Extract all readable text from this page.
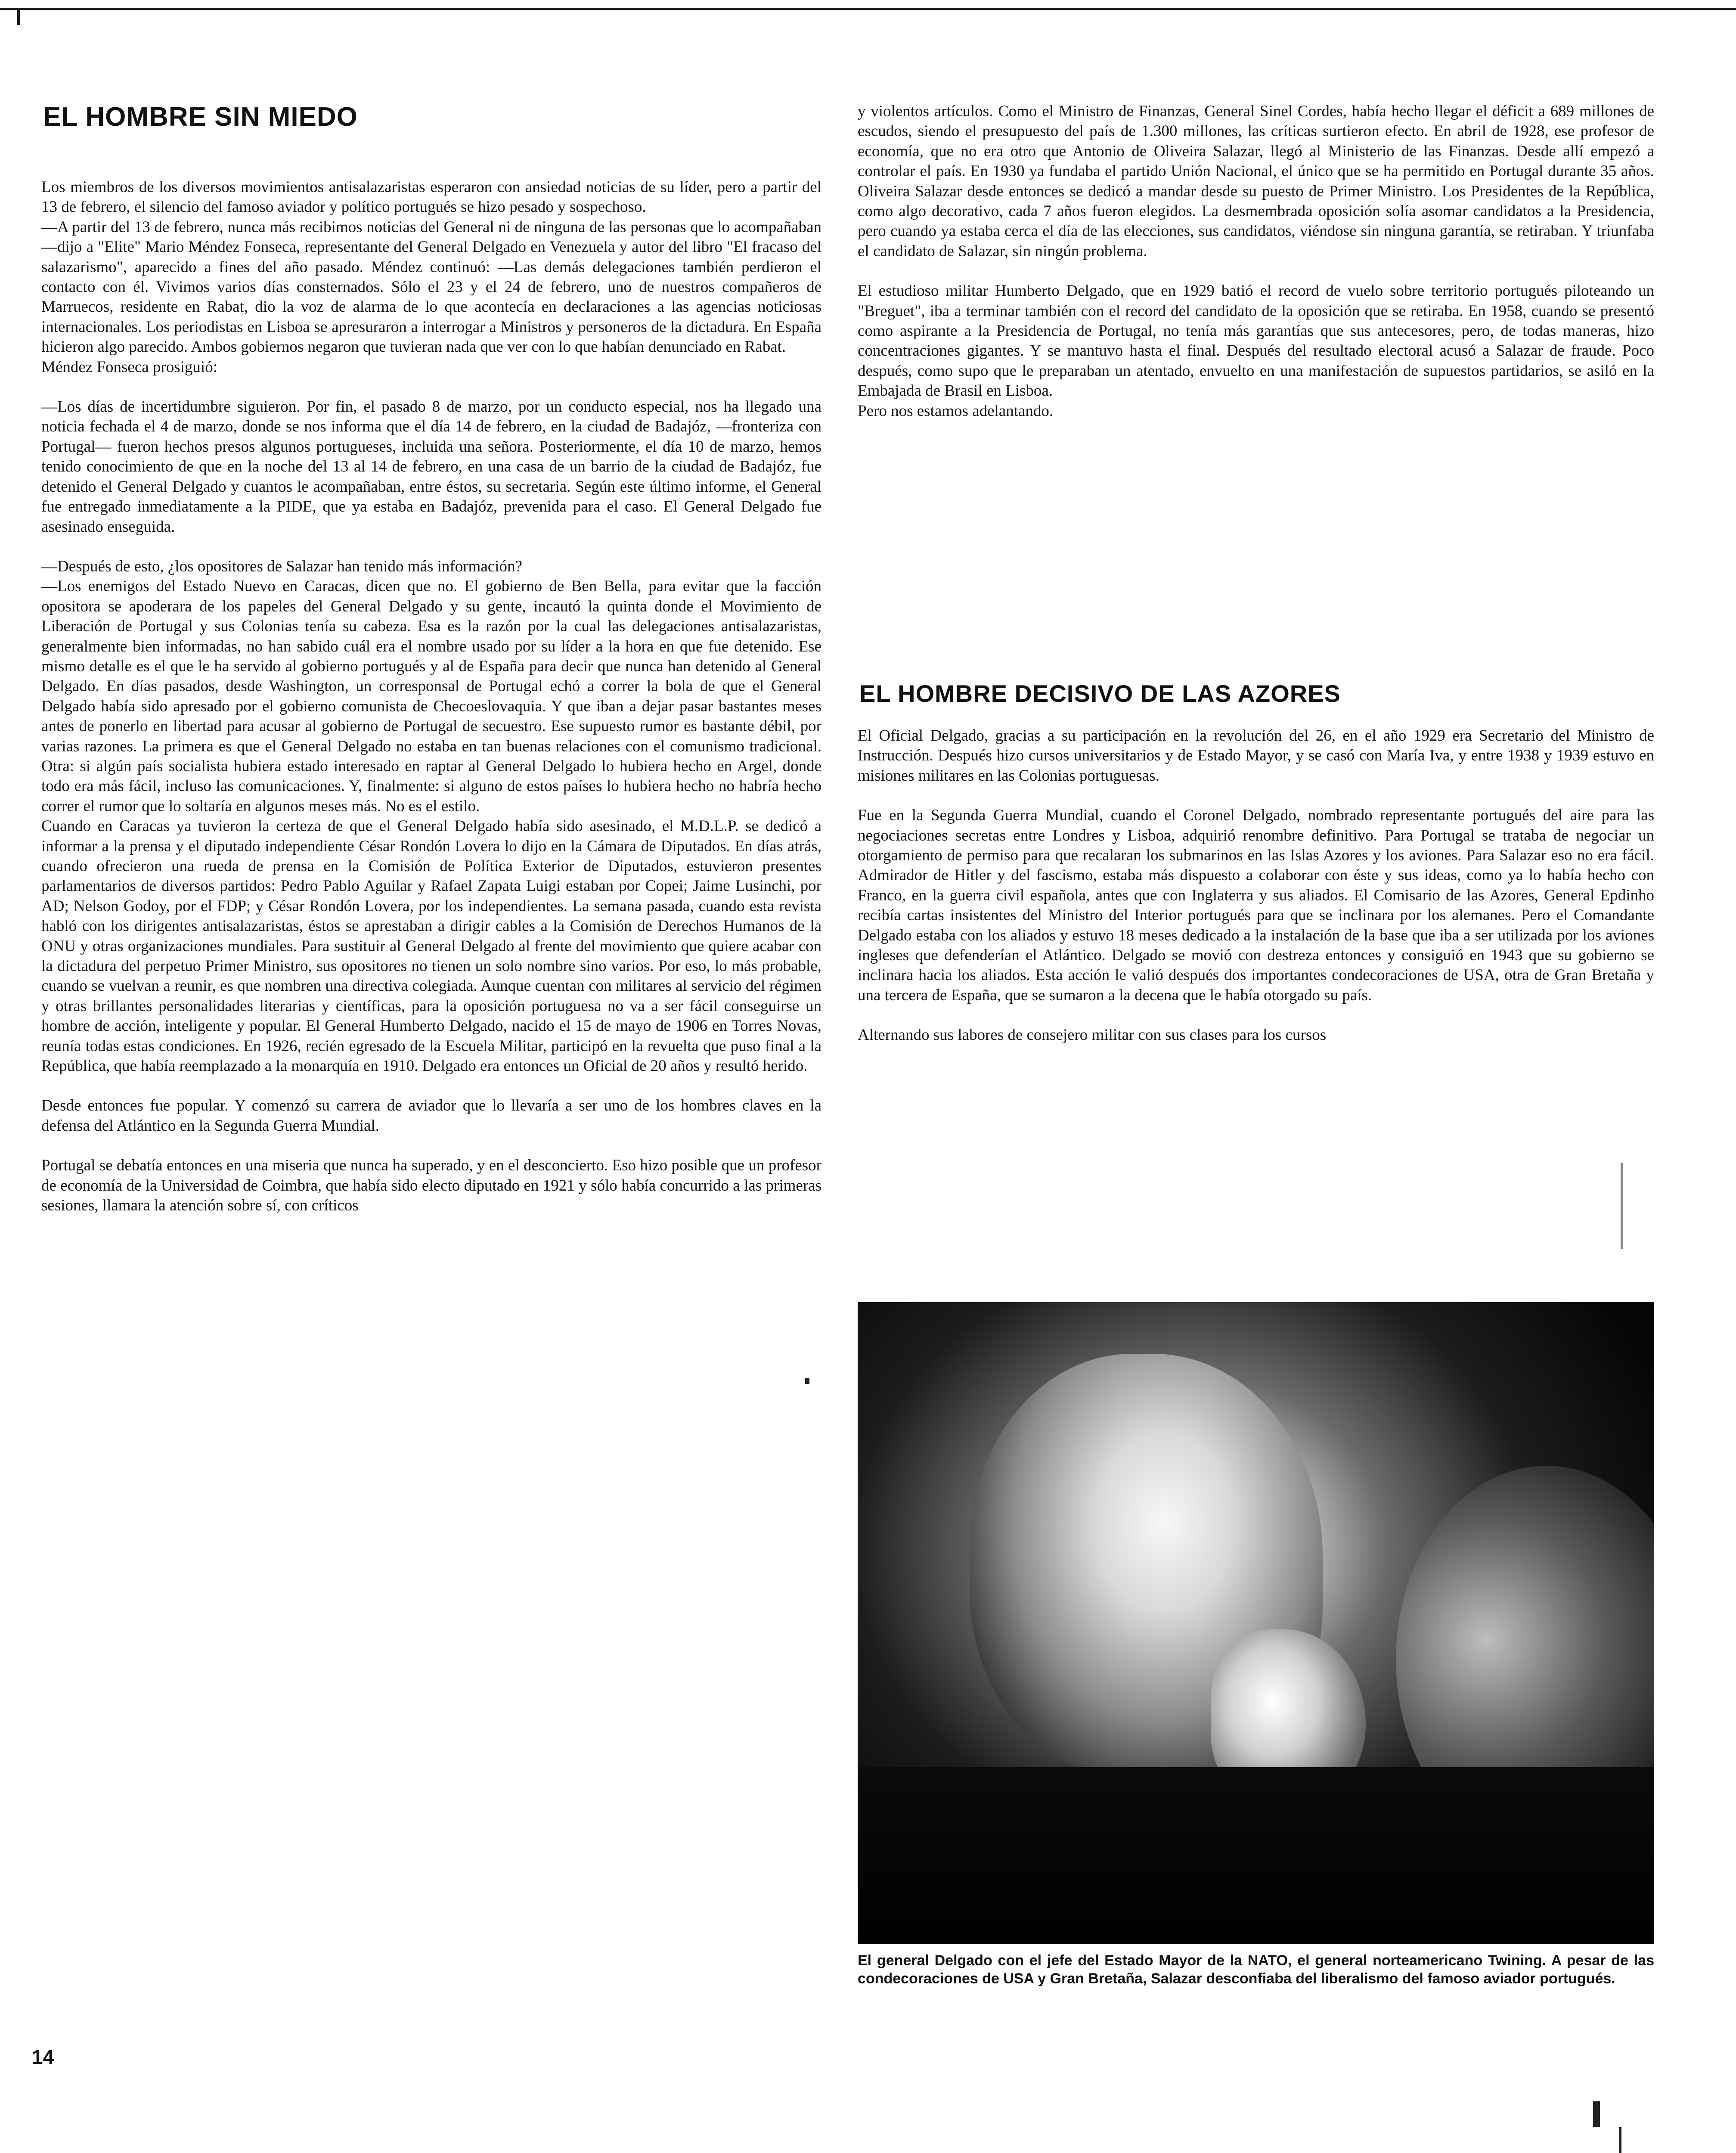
EL HOMBRE SIN MIEDO

Los miembros de los diversos movimientos antisalazaristas esperaron con ansiedad noticias de su líder, pero a partir del 13 de febrero, el silencio del famoso aviador y político portugués se hizo pesado y sospechoso.

—A partir del 13 de febrero, nunca más recibimos noticias del General ni de ninguna de las personas que lo acompañaban —dijo a "Elite" Mario Méndez Fonseca, representante del General Delgado en Venezuela y autor del libro "El fracaso del salazarismo", aparecido a fines del año pasado. Méndez continuó: —Las demás delegaciones también perdieron el contacto con él. Vivimos varios días consternados. Sólo el 23 y el 24 de febrero, uno de nuestros compañeros de Marruecos, residente en Rabat, dio la voz de alarma de lo que acontecía en declaraciones a las agencias noticiosas internacionales. Los periodistas en Lisboa se apresuraron a interrogar a Ministros y personeros de la dictadura. En España hicieron algo parecido. Ambos gobiernos negaron que tuvieran nada que ver con lo que habían denunciado en Rabat.

Méndez Fonseca prosiguió:

—Los días de incertidumbre siguieron. Por fin, el pasado 8 de marzo, por un conducto especial, nos ha llegado una noticia fechada el 4 de marzo, donde se nos informa que el día 14 de febrero, en la ciudad de Badajóz, —fronteriza con Portugal— fueron hechos presos algunos portugueses, incluida una señora. Posteriormente, el día 10 de marzo, hemos tenido conocimiento de que en la noche del 13 al 14 de febrero, en una casa de un barrio de la ciudad de Badajóz, fue detenido el General Delgado y cuantos le acompañaban, entre éstos, su secretaria. Según este último informe, el General fue entregado inmediatamente a la PIDE, que ya estaba en Badajóz, prevenida para el caso. El General Delgado fue asesinado enseguida.

—Después de esto, ¿los opositores de Salazar han tenido más información?

—Los enemigos del Estado Nuevo en Caracas, dicen que no. El gobierno de Ben Bella, para evitar que la facción opositora se apoderara de los papeles del General Delgado y su gente, incautó la quinta donde el Movimiento de Liberación de Portugal y sus Colonias tenía su cabeza. Esa es la razón por la cual las delegaciones antisalazaristas, generalmente bien informadas, no han sabido cuál era el nombre usado por su líder a la hora en que fue detenido. Ese mismo detalle es el que le ha servido al gobierno portugués y al de España para decir que nunca han detenido al General Delgado. En días pasados, desde Washington, un corresponsal de Portugal echó a correr la bola de que el General Delgado había sido apresado por el gobierno comunista de Checoeslovaquia. Y que iban a dejar pasar bastantes meses antes de ponerlo en libertad para acusar al gobierno de Portugal de secuestro. Ese supuesto rumor es bastante débil, por varias razones. La primera es que el General Delgado no estaba en tan buenas relaciones con el comunismo tradicional. Otra: si algún país socialista hubiera estado interesado en raptar al General Delgado lo hubiera hecho en Argel, donde todo era más fácil, incluso las comunicaciones. Y, finalmente: si alguno de estos países lo hubiera hecho no habría hecho correr el rumor que lo soltaría en algunos meses más. No es el estilo.

Cuando en Caracas ya tuvieron la certeza de que el General Delgado había sido asesinado, el M.D.L.P. se dedicó a informar a la prensa y el diputado independiente César Rondón Lovera lo dijo en la Cámara de Diputados. En días atrás, cuando ofrecieron una rueda de prensa en la Comisión de Política Exterior de Diputados, estuvieron presentes parlamentarios de diversos partidos: Pedro Pablo Aguilar y Rafael Zapata Luigi estaban por Copei; Jaime Lusinchi, por AD; Nelson Godoy, por el FDP; y César Rondón Lovera, por los independientes. La semana pasada, cuando esta revista habló con los dirigentes antisalazaristas, éstos se aprestaban a dirigir cables a la Comisión de Derechos Humanos de la ONU y otras organizaciones mundiales. Para sustituir al General Delgado al frente del movimiento que quiere acabar con la dictadura del perpetuo Primer Ministro, sus opositores no tienen un solo nombre sino varios. Por eso, lo más probable, cuando se vuelvan a reunir, es que nombren una directiva colegiada. Aunque cuentan con militares al servicio del régimen y otras brillantes personalidades literarias y científicas, para la oposición portuguesa no va a ser fácil conseguirse un hombre de acción, inteligente y popular. El General Humberto Delgado, nacido el 15 de mayo de 1906 en Torres Novas, reunía todas estas condiciones. En 1926, recién egresado de la Escuela Militar, participó en la revuelta que puso final a la República, que había reemplazado a la monarquía en 1910. Delgado era entonces un Oficial de 20 años y resultó herido.

Desde entonces fue popular. Y comenzó su carrera de aviador que lo llevaría a ser uno de los hombres claves en la defensa del Atlántico en la Segunda Guerra Mundial.

Portugal se debatía entonces en una miseria que nunca ha superado, y en el desconcierto. Eso hizo posible que un profesor de economía de la Universidad de Coimbra, que había sido electo diputado en 1921 y sólo había concurrido a las primeras sesiones, llamara la atención sobre sí, con críticos

y violentos artículos. Como el Ministro de Finanzas, General Sinel Cordes, había hecho llegar el déficit a 689 millones de escudos, siendo el presupuesto del país de 1.300 millones, las críticas surtieron efecto. En abril de 1928, ese profesor de economía, que no era otro que Antonio de Oliveira Salazar, llegó al Ministerio de las Finanzas. Desde allí empezó a controlar el país. En 1930 ya fundaba el partido Unión Nacional, el único que se ha permitido en Portugal durante 35 años. Oliveira Salazar desde entonces se dedicó a mandar desde su puesto de Primer Ministro. Los Presidentes de la República, como algo decorativo, cada 7 años fueron elegidos. La desmembrada oposición solía asomar candidatos a la Presidencia, pero cuando ya estaba cerca el día de las elecciones, sus candidatos, viéndose sin ninguna garantía, se retiraban. Y triunfaba el candidato de Salazar, sin ningún problema.

El estudioso militar Humberto Delgado, que en 1929 batió el record de vuelo sobre territorio portugués piloteando un "Breguet", iba a terminar también con el record del candidato de la oposición que se retiraba. En 1958, cuando se presentó como aspirante a la Presidencia de Portugal, no tenía más garantías que sus antecesores, pero, de todas maneras, hizo concentraciones gigantes. Y se mantuvo hasta el final. Después del resultado electoral acusó a Salazar de fraude. Poco después, como supo que le preparaban un atentado, envuelto en una manifestación de supuestos partidarios, se asiló en la Embajada de Brasil en Lisboa.

Pero nos estamos adelantando.

EL HOMBRE DECISIVO DE LAS AZORES

El Oficial Delgado, gracias a su participación en la revolución del 26, en el año 1929 era Secretario del Ministro de Instrucción. Después hizo cursos universitarios y de Estado Mayor, y se casó con María Iva, y entre 1938 y 1939 estuvo en misiones militares en las Colonias portuguesas.

Fue en la Segunda Guerra Mundial, cuando el Coronel Delgado, nombrado representante portugués del aire para las negociaciones secretas entre Londres y Lisboa, adquirió renombre definitivo. Para Portugal se trataba de negociar un otorgamiento de permiso para que recalaran los submarinos en las Islas Azores y los aviones. Para Salazar eso no era fácil. Admirador de Hitler y del fascismo, estaba más dispuesto a colaborar con éste y sus ideas, como ya lo había hecho con Franco, en la guerra civil española, antes que con Inglaterra y sus aliados. El Comisario de las Azores, General Epdinho recibía cartas insistentes del Ministro del Interior portugués para que se inclinara por los alemanes. Pero el Comandante Delgado estaba con los aliados y estuvo 18 meses dedicado a la instalación de la base que iba a ser utilizada por los aviones ingleses que defenderían el Atlántico. Delgado se movió con destreza entonces y consiguió en 1943 que su gobierno se inclinara hacia los aliados. Esta acción le valió después dos importantes condecoraciones de USA, otra de Gran Bretaña y una tercera de España, que se sumaron a la decena que le había otorgado su país.

Alternando sus labores de consejero militar con sus clases para los cursos

El general Delgado con el jefe del Estado Mayor de la NATO, el general norteamericano Twining. A pesar de las condecoraciones de USA y Gran Bretaña, Salazar desconfiaba del liberalismo del famoso aviador portugués.

14
